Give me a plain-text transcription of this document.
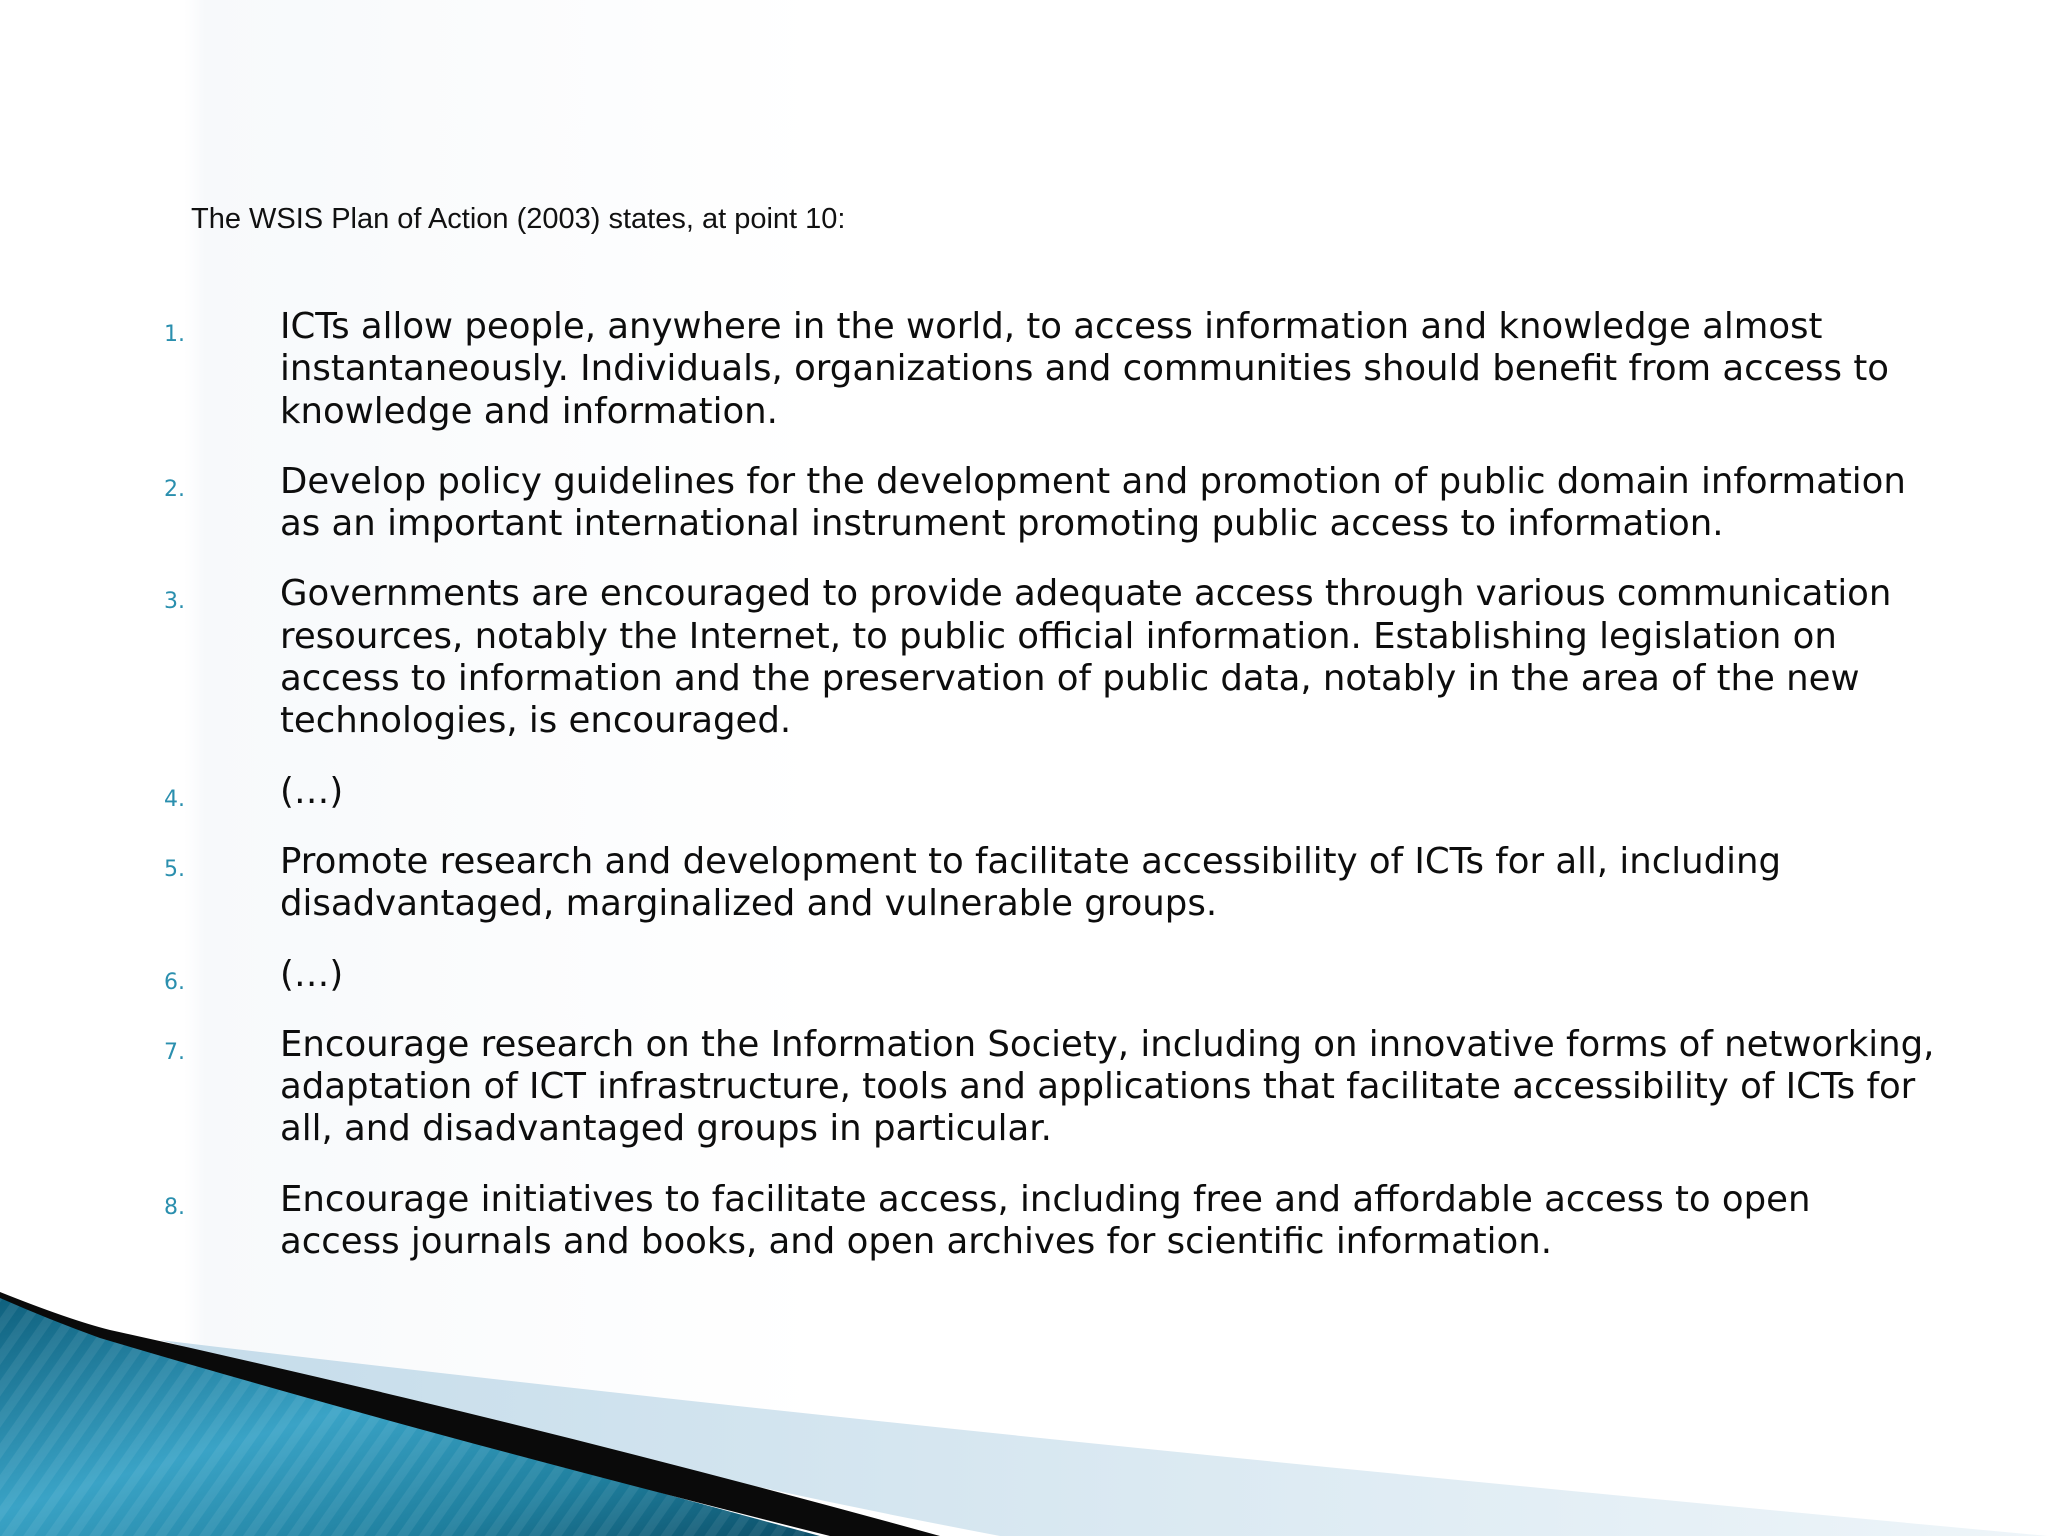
The WSIS Plan of Action (2003) states, at point 10:
1.	ICTs allow people, anywhere in the world, to access information and knowledge almost instantaneously. Individuals, organizations and communities should benefit from access to knowledge and information.
2.	Develop policy guidelines for the development and promotion of public domain information as an important international instrument promoting public access to information.
3.	Governments are encouraged to provide adequate access through various communication resources, notably the Internet, to public official information. Establishing legislation on access to information and the preservation of public data, notably in the area of the new technologies, is encouraged.
4.	(…)
5.	Promote research and development to facilitate accessibility of ICTs for all, including disadvantaged, marginalized and vulnerable groups.
6.	(…)
7.	Encourage research on the Information Society, including on innovative forms of networking, adaptation of ICT infrastructure, tools and applications that facilitate accessibility of ICTs for all, and disadvantaged groups in particular.
8.	Encourage initiatives to facilitate access, including free and affordable access to open access journals and books, and open archives for scientific information.
